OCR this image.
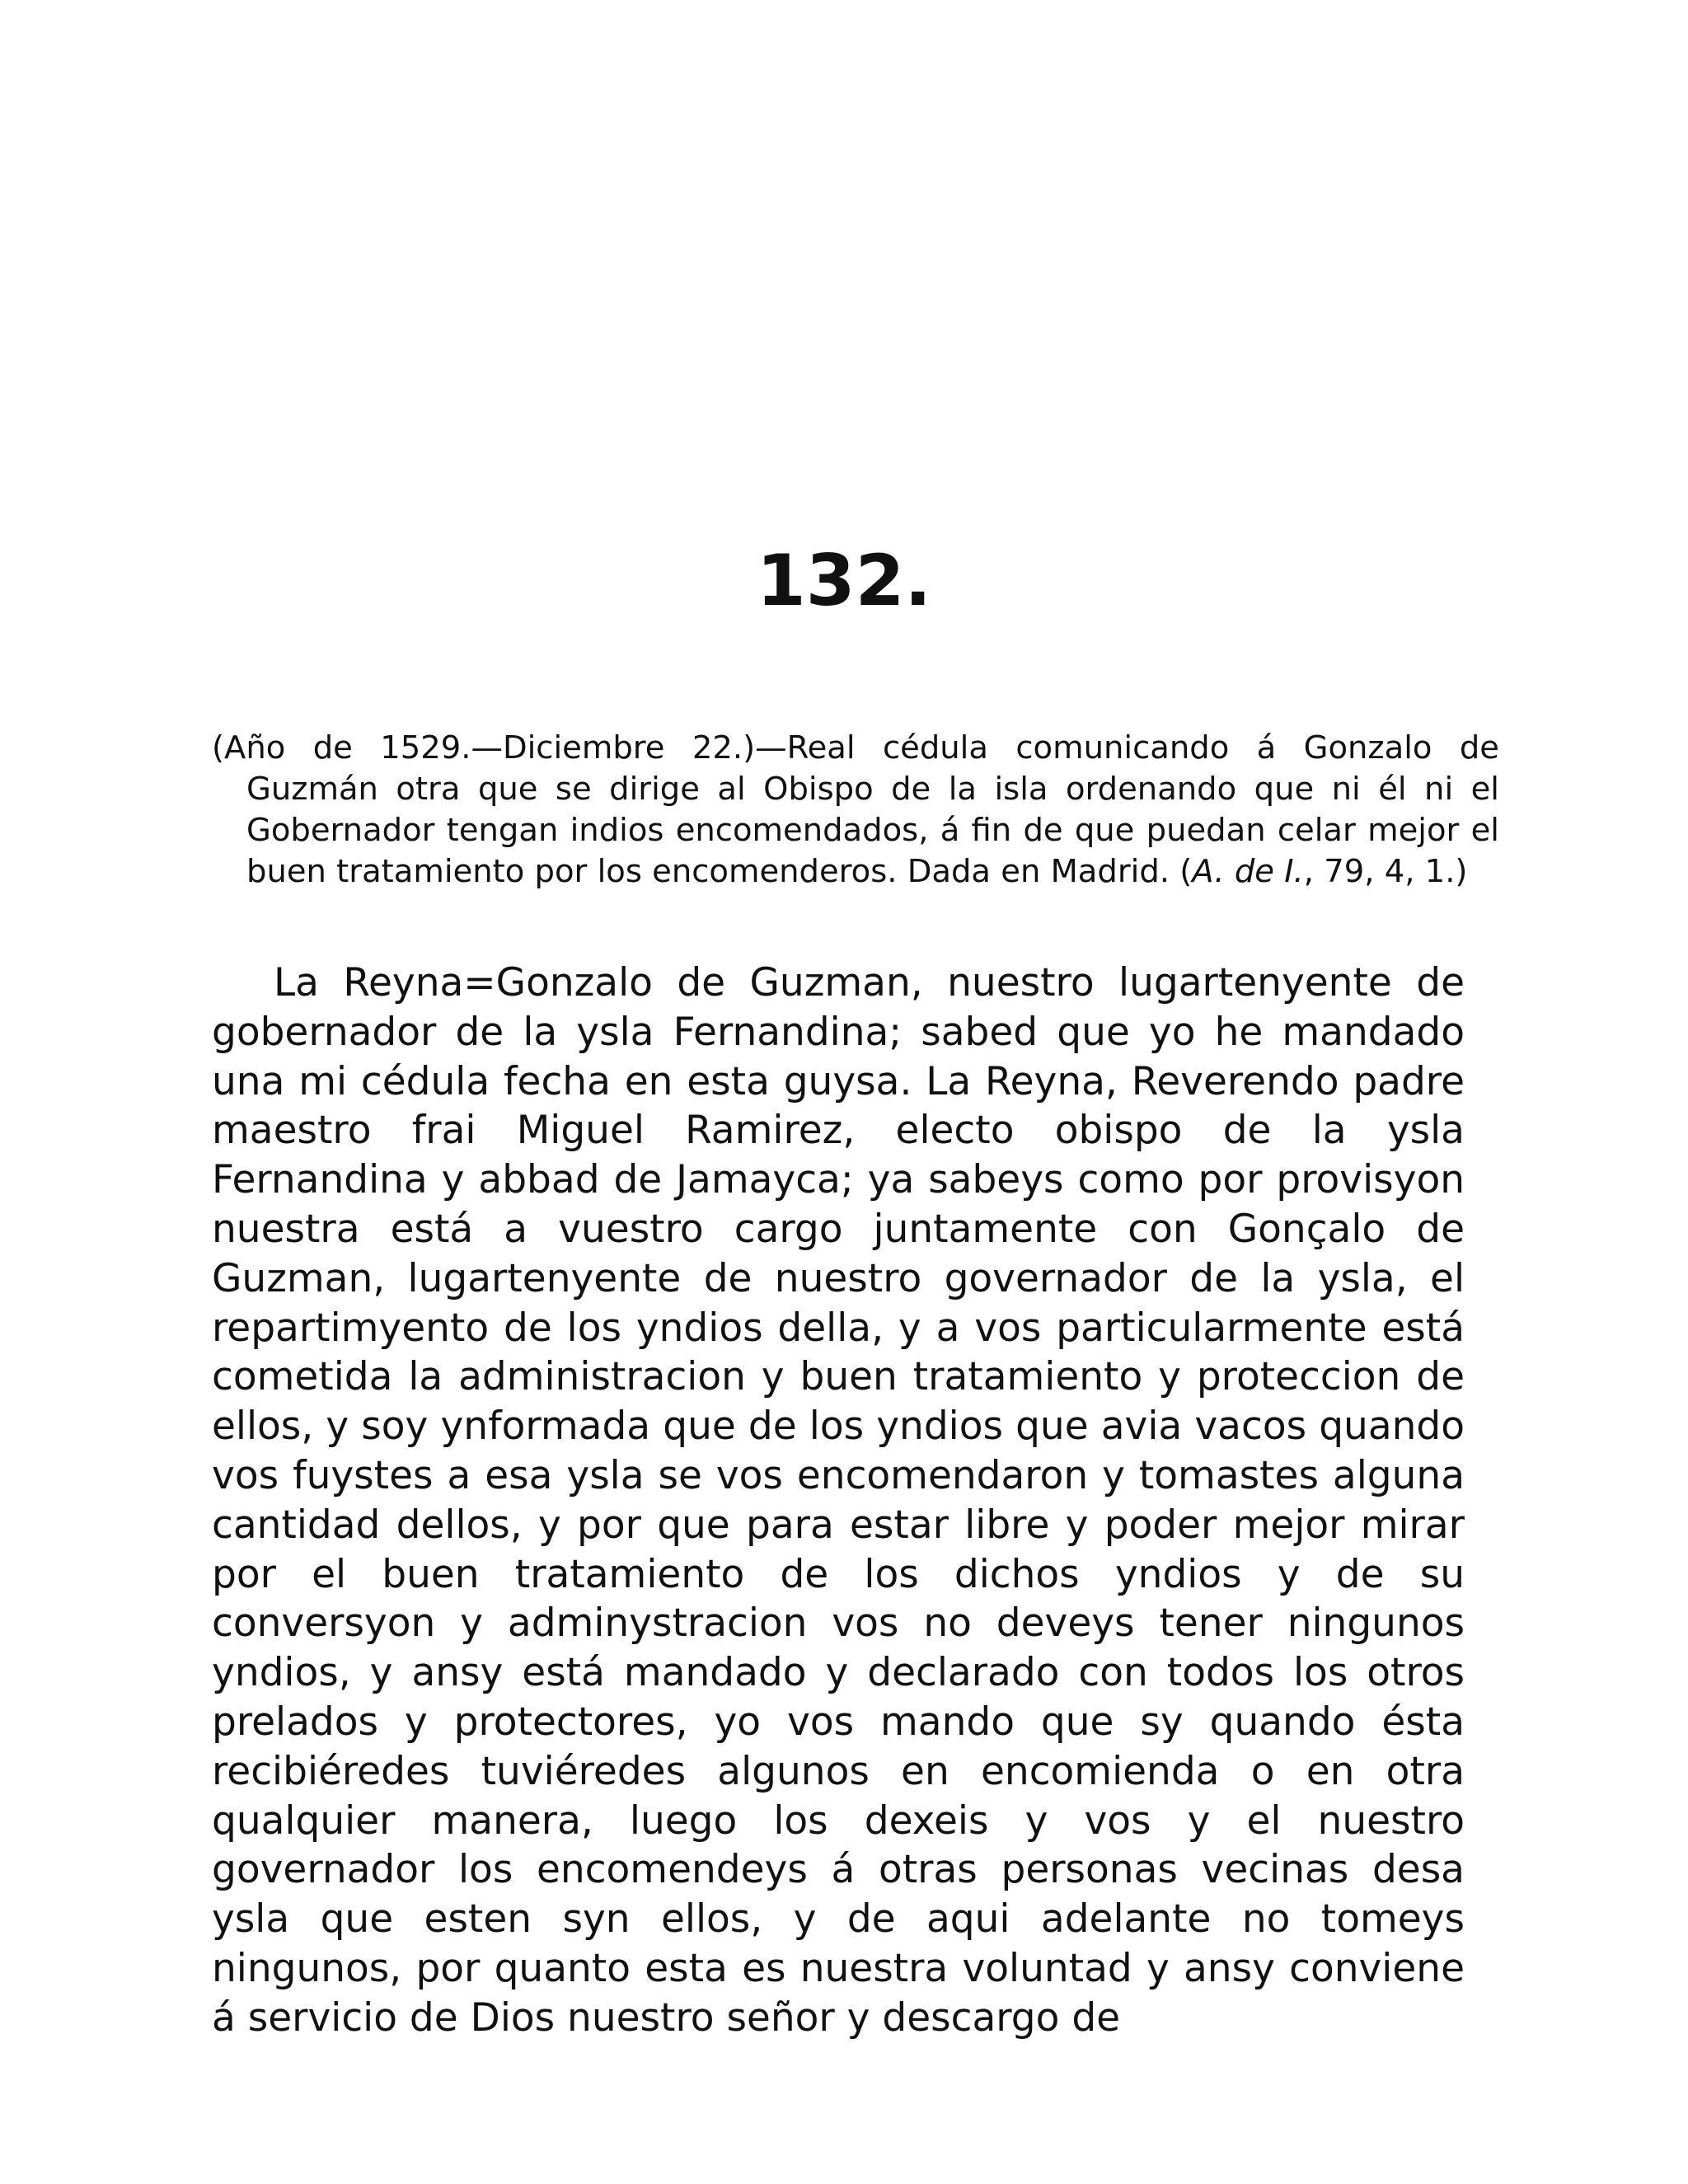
132.

(Año de 1529.—Diciembre 22.)—Real cédula comunicando á Gonzalo de Guzmán otra que se dirige al Obispo de la isla ordenando que ni él ni el Gobernador tengan indios encomendados, á fin de que puedan celar mejor el buen tratamiento por los encomenderos. Dada en Madrid. (A. de I., 79, 4, 1.)

La Reyna=Gonzalo de Guzman, nuestro lugartenyente de gobernador de la ysla Fernandina; sabed que yo he mandado una mi cédula fecha en esta guysa. La Reyna, Reverendo padre maestro frai Miguel Ramirez, electo obispo de la ysla Fernandina y abbad de Jamayca; ya sabeys como por provisyon nuestra está a vuestro cargo juntamente con Gonçalo de Guzman, lugartenyente de nuestro governador de la ysla, el repartimyento de los yndios della, y a vos particularmente está cometida la administracion y buen tratamiento y proteccion de ellos, y soy ynformada que de los yndios que avia vacos quando vos fuystes a esa ysla se vos encomendaron y tomastes alguna cantidad dellos, y por que para estar libre y poder mejor mirar por el buen tratamiento de los dichos yndios y de su conversyon y adminystracion vos no deveys tener ningunos yndios, y ansy está mandado y declarado con todos los otros prelados y protectores, yo vos mando que sy quando ésta recibiéredes tuviéredes algunos en encomienda o en otra qualquier manera, luego los dexeis y vos y el nuestro governador los encomendeys á otras personas vecinas desa ysla que esten syn ellos, y de aqui adelante no tomeys ningunos, por quanto esta es nuestra voluntad y ansy conviene á servicio de Dios nuestro señor y descargo de
